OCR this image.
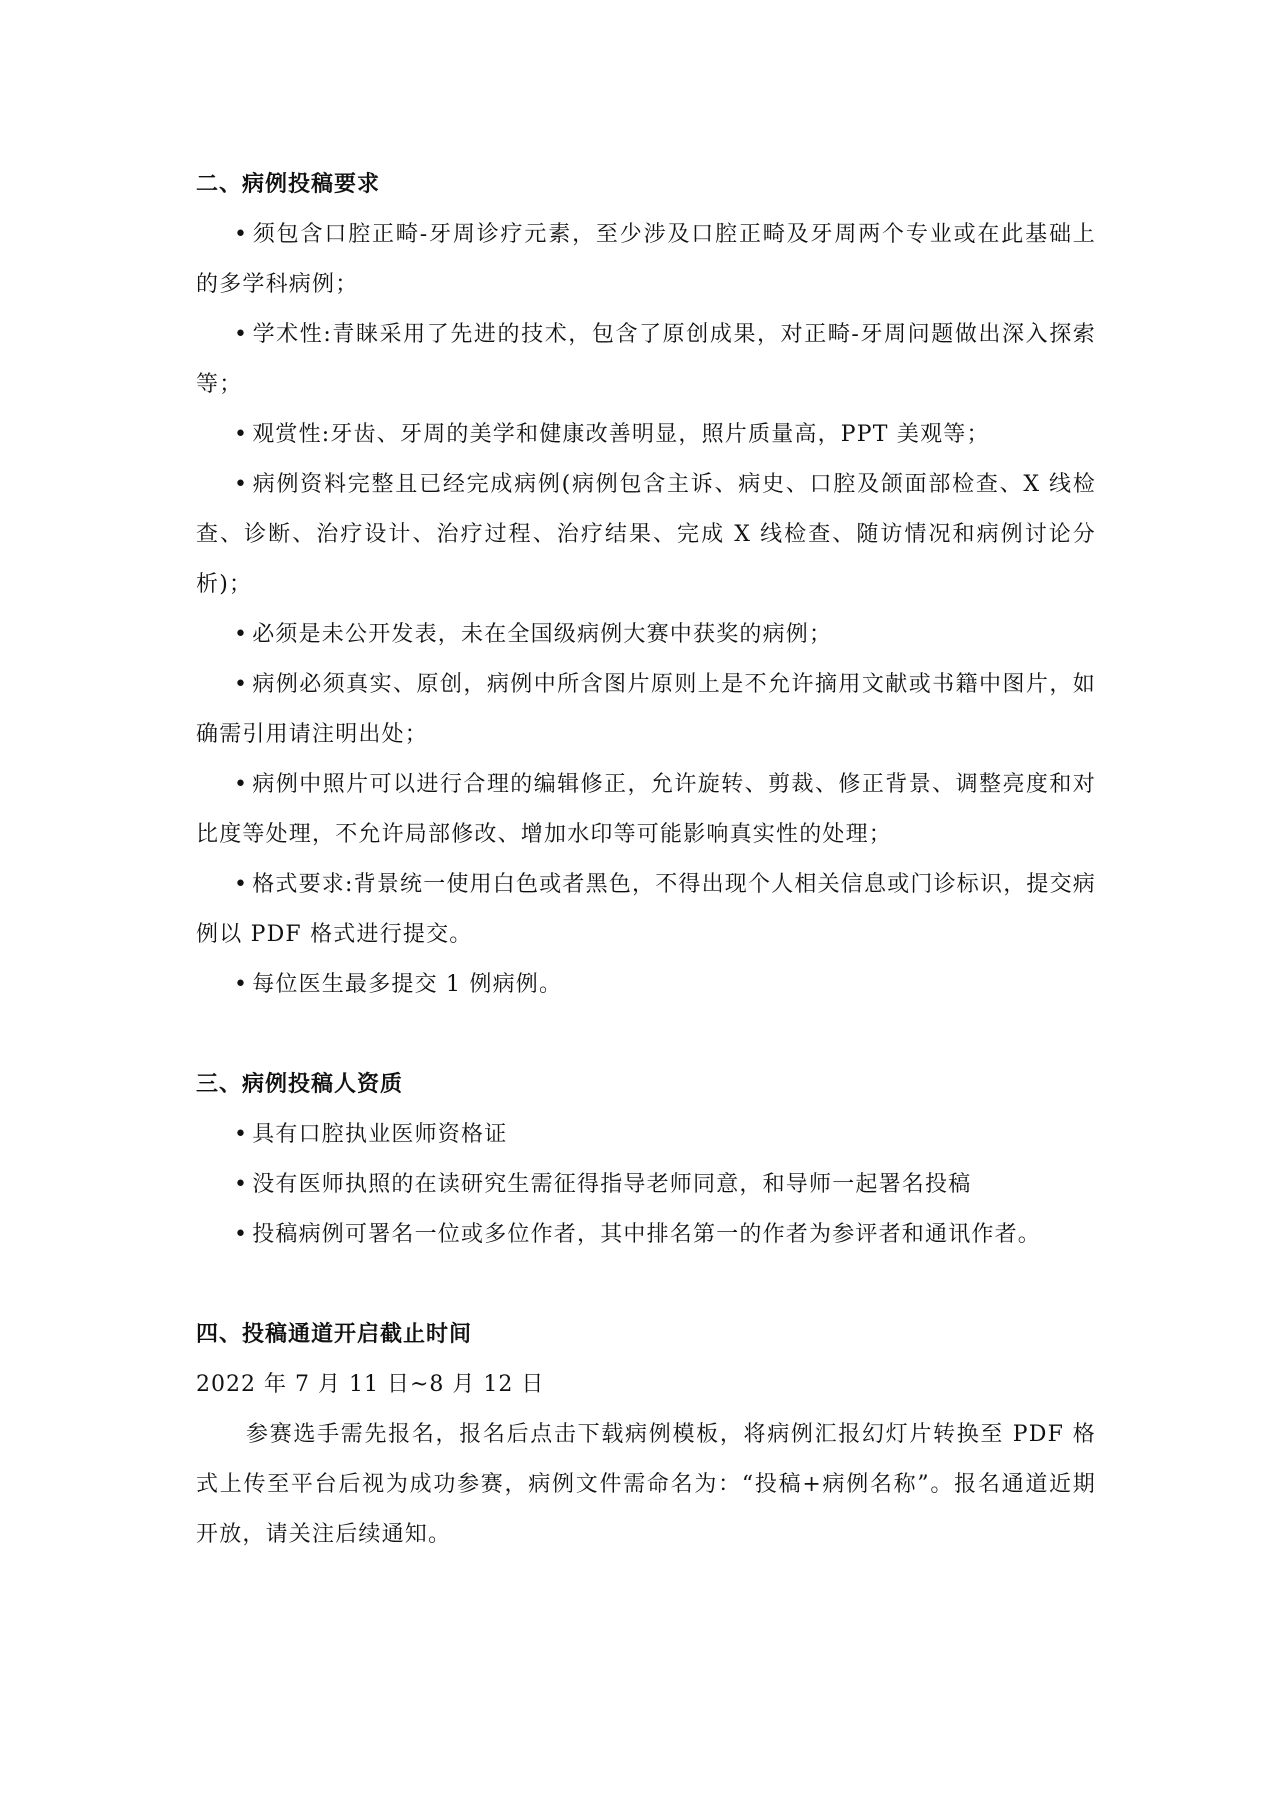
二、病例投稿要求
• 须包含口腔正畸-牙周诊疗元素，至少涉及口腔正畸及牙周两个专业或在此基础上的多学科病例；
• 学术性:青睐采用了先进的技术，包含了原创成果，对正畸-牙周问题做出深入探索等；
• 观赏性:牙齿、牙周的美学和健康改善明显，照片质量高，PPT 美观等；
• 病例资料完整且已经完成病例(病例包含主诉、病史、口腔及颌面部检查、X 线检查、诊断、治疗设计、治疗过程、治疗结果、完成 X 线检查、随访情况和病例讨论分析)；
• 必须是未公开发表，未在全国级病例大赛中获奖的病例；
• 病例必须真实、原创，病例中所含图片原则上是不允许摘用文献或书籍中图片，如确需引用请注明出处；
• 病例中照片可以进行合理的编辑修正，允许旋转、剪裁、修正背景、调整亮度和对比度等处理，不允许局部修改、增加水印等可能影响真实性的处理；
• 格式要求:背景统一使用白色或者黑色，不得出现个人相关信息或门诊标识，提交病例以 PDF 格式进行提交。
• 每位医生最多提交 1 例病例。
三、病例投稿人资质
• 具有口腔执业医师资格证
• 没有医师执照的在读研究生需征得指导老师同意，和导师一起署名投稿
• 投稿病例可署名一位或多位作者，其中排名第一的作者为参评者和通讯作者。
四、投稿通道开启截止时间

2022 年 7 月 11 日~8 月 12 日

参赛选手需先报名，报名后点击下载病例模板，将病例汇报幻灯片转换至 PDF 格式上传至平台后视为成功参赛，病例文件需命名为：“投稿+病例名称”。报名通道近期开放，请关注后续通知。
